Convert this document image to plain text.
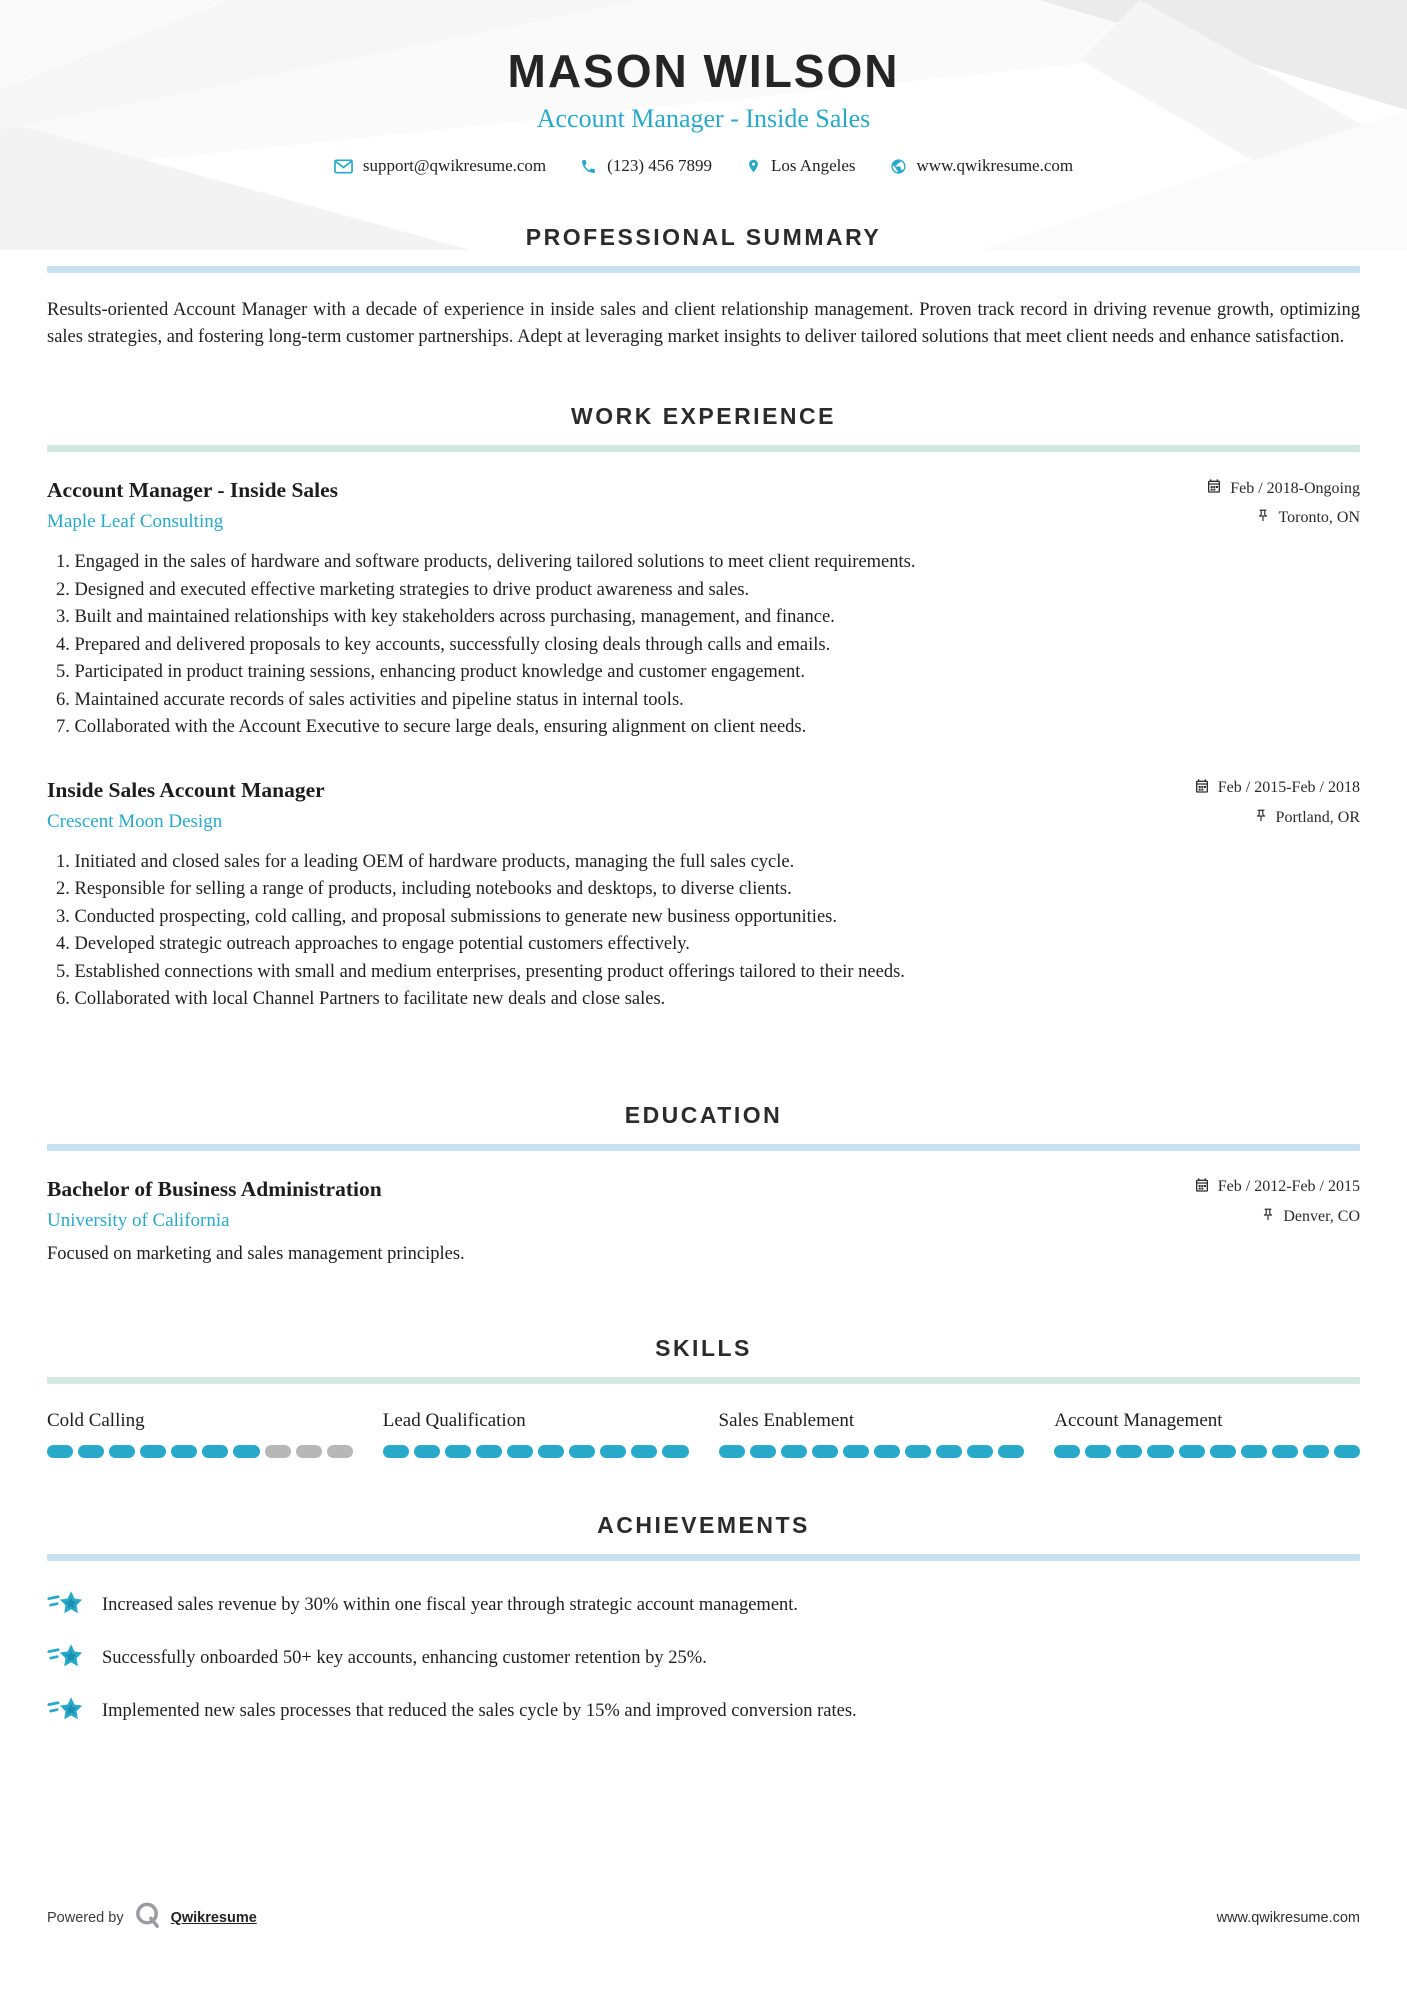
MASON WILSON
Account Manager - Inside Sales
support@qwikresume.com	(123) 456 7899	Los Angeles	www.qwikresume.com
PROFESSIONAL SUMMARY

Results-oriented Account Manager with a decade of experience in inside sales and client relationship management. Proven track record in driving revenue growth, optimizing sales strategies, and fostering long-term customer partnerships. Adept at leveraging market insights to deliver tailored solutions that meet client needs and enhance satisfaction.

WORK EXPERIENCE
Account Manager - Inside Sales
Maple Leaf Consulting
Feb / 2018-Ongoing
Toronto, ON
Engaged in the sales of hardware and software products, delivering tailored solutions to meet client requirements.
Designed and executed effective marketing strategies to drive product awareness and sales.
Built and maintained relationships with key stakeholders across purchasing, management, and finance.
Prepared and delivered proposals to key accounts, successfully closing deals through calls and emails.
Participated in product training sessions, enhancing product knowledge and customer engagement.
Maintained accurate records of sales activities and pipeline status in internal tools.
Collaborated with the Account Executive to secure large deals, ensuring alignment on client needs.
Inside Sales Account Manager
Crescent Moon Design
Feb / 2015-Feb / 2018
Portland, OR
Initiated and closed sales for a leading OEM of hardware products, managing the full sales cycle.
Responsible for selling a range of products, including notebooks and desktops, to diverse clients.
Conducted prospecting, cold calling, and proposal submissions to generate new business opportunities.
Developed strategic outreach approaches to engage potential customers effectively.
Established connections with small and medium enterprises, presenting product offerings tailored to their needs.
Collaborated with local Channel Partners to facilitate new deals and close sales.
EDUCATION
Bachelor of Business Administration
University of California
Feb / 2012-Feb / 2015
Denver, CO

Focused on marketing and sales management principles.

SKILLS
Cold Calling	Lead Qualification	Sales Enablement	Account Management
ACHIEVEMENTS
Increased sales revenue by 30% within one fiscal year through strategic account management.
Successfully onboarded 50+ key accounts, enhancing customer retention by 25%.
Implemented new sales processes that reduced the sales cycle by 15% and improved conversion rates.
Powered by	Qwikresume	www.qwikresume.com
